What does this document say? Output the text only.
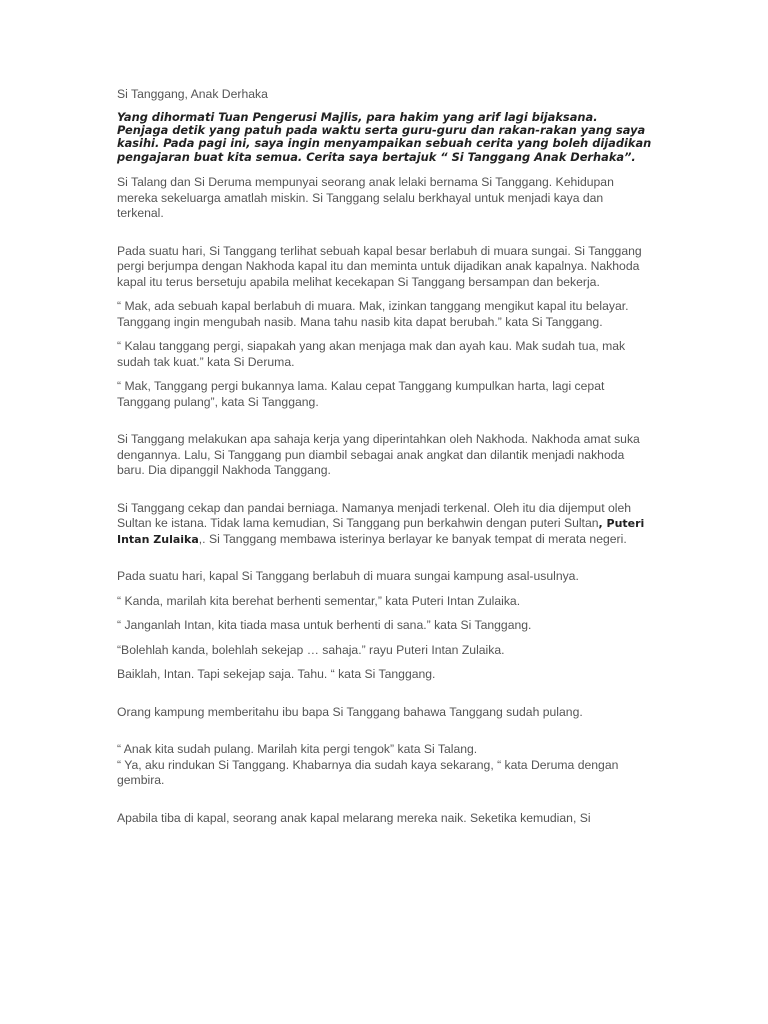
Si Tanggang, Anak Derhaka

Yang dihormati Tuan Pengerusi Majlis, para hakim yang arif lagi bijaksana. Penjaga detik yang patuh pada waktu serta guru-guru dan rakan-rakan yang saya kasihi. Pada pagi ini, saya ingin menyampaikan sebuah cerita yang boleh dijadikan pengajaran buat kita semua. Cerita saya bertajuk “ Si Tanggang Anak Derhaka”.

Si Talang dan Si Deruma mempunyai seorang anak lelaki bernama Si Tanggang. Kehidupan mereka sekeluarga amatlah miskin. Si Tanggang selalu berkhayal untuk menjadi kaya dan terkenal.

Pada suatu hari, Si Tanggang terlihat sebuah kapal besar berlabuh di muara sungai. Si Tanggang pergi berjumpa dengan Nakhoda kapal itu dan meminta untuk dijadikan anak kapalnya. Nakhoda kapal itu terus bersetuju apabila melihat kecekapan Si Tanggang bersampan dan bekerja.

“ Mak, ada sebuah kapal berlabuh di muara. Mak, izinkan tanggang mengikut kapal itu belayar. Tanggang ingin mengubah nasib. Mana tahu nasib kita dapat berubah.” kata Si Tanggang.

“ Kalau tanggang pergi, siapakah yang akan menjaga mak dan ayah kau. Mak sudah tua, mak sudah tak kuat.” kata Si Deruma.

“ Mak, Tanggang pergi bukannya lama. Kalau cepat Tanggang kumpulkan harta, lagi cepat Tanggang pulang”, kata Si Tanggang.

Si Tanggang melakukan apa sahaja kerja yang diperintahkan oleh Nakhoda. Nakhoda amat suka dengannya. Lalu, Si Tanggang pun diambil sebagai anak angkat dan dilantik menjadi nakhoda baru. Dia dipanggil Nakhoda Tanggang.

Si Tanggang cekap dan pandai berniaga. Namanya menjadi terkenal. Oleh itu dia dijemput oleh Sultan ke istana. Tidak lama kemudian, Si Tanggang pun berkahwin dengan puteri Sultan, Puteri Intan Zulaika,. Si Tanggang membawa isterinya berlayar ke banyak tempat di merata negeri.

Pada suatu hari, kapal Si Tanggang berlabuh di muara sungai kampung asal-usulnya.

“ Kanda, marilah kita berehat berhenti sementar,” kata Puteri Intan Zulaika.

“ Janganlah Intan, kita tiada masa untuk berhenti di sana.” kata Si Tanggang.

“Bolehlah kanda, bolehlah sekejap … sahaja.” rayu Puteri Intan Zulaika.

Baiklah, Intan. Tapi sekejap saja. Tahu. “ kata Si Tanggang.

Orang kampung memberitahu ibu bapa Si Tanggang bahawa Tanggang sudah pulang.

“ Anak kita sudah pulang. Marilah kita pergi tengok” kata Si Talang.

“ Ya, aku rindukan Si Tanggang. Khabarnya dia sudah kaya sekarang, “ kata Deruma dengan gembira.

Apabila tiba di kapal, seorang anak kapal melarang mereka naik. Seketika kemudian, Si
